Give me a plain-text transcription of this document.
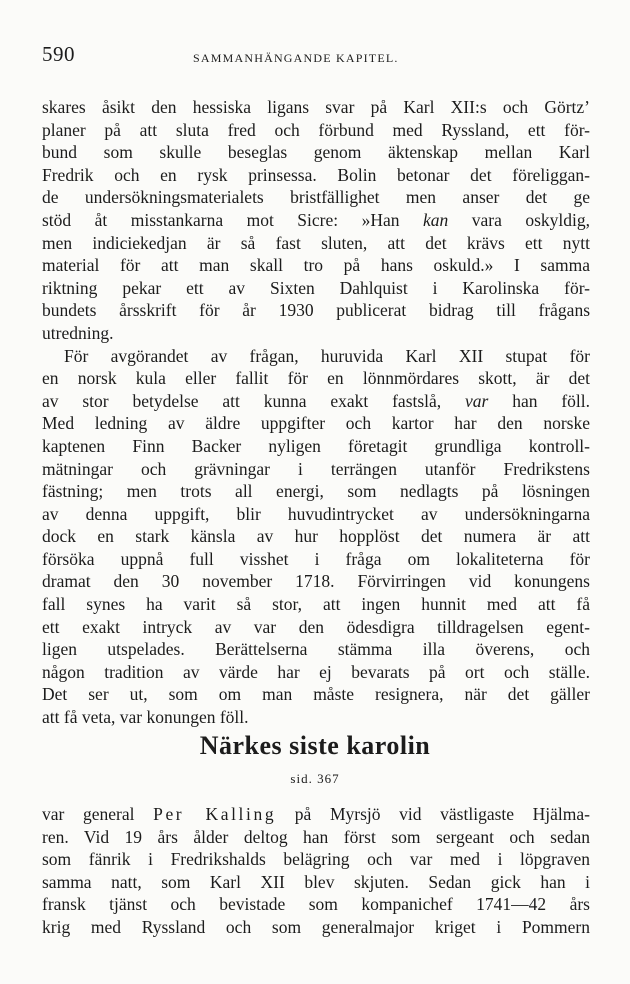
590	SAMMANHÄNGANDE KAPITEL.
skares åsikt den hessiska ligans svar på Karl XII:s och Görtz’
planer på att sluta fred och förbund med Ryssland, ett för-
bund som skulle beseglas genom äktenskap mellan Karl
Fredrik och en rysk prinsessa. Bolin betonar det föreliggan-
de undersökningsmaterialets bristfällighet men anser det ge
stöd åt misstankarna mot Sicre: »Han kan vara oskyldig,
men indiciekedjan är så fast sluten, att det krävs ett nytt
material för att man skall tro på hans oskuld.» I samma
riktning pekar ett av Sixten Dahlquist i Karolinska för-
bundets årsskrift för år 1930 publicerat bidrag till frågans
utredning.
För avgörandet av frågan, huruvida Karl XII stupat för
en norsk kula eller fallit för en lönnmördares skott, är det
av stor betydelse att kunna exakt fastslå, var han föll.
Med ledning av äldre uppgifter och kartor har den norske
kaptenen Finn Backer nyligen företagit grundliga kontroll-
mätningar och grävningar i terrängen utanför Fredrikstens
fästning; men trots all energi, som nedlagts på lösningen
av denna uppgift, blir huvudintrycket av undersökningarna
dock en stark känsla av hur hopplöst det numera är att
försöka uppnå full visshet i fråga om lokaliteterna för
dramat den 30 november 1718. Förvirringen vid konungens
fall synes ha varit så stor, att ingen hunnit med att få
ett exakt intryck av var den ödesdigra tilldragelsen egent-
ligen utspelades. Berättelserna stämma illa överens, och
någon tradition av värde har ej bevarats på ort och ställe.
Det ser ut, som om man måste resignera, när det gäller
att få veta, var konungen föll.
Närkes siste karolin
sid. 367
var general Per Kalling på Myrsjö vid västligaste Hjälma-
ren. Vid 19 års ålder deltog han först som sergeant och sedan
som fänrik i Fredrikshalds belägring och var med i löpgraven
samma natt, som Karl XII blev skjuten. Sedan gick han i
fransk tjänst och bevistade som kompanichef 1741—42 års
krig med Ryssland och som generalmajor kriget i Pommern
